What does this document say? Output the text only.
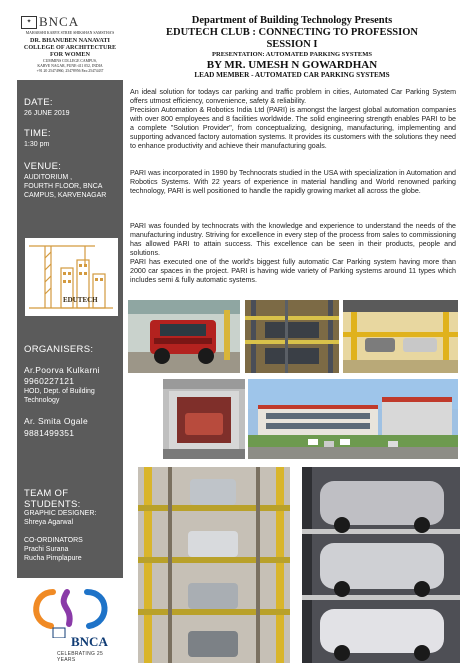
✦ BNCA
MAHARSHI KARVE STREE SHIKSHAN SAMSTHA'S
DR. BHANUBEN NANAVATI
COLLEGE OF ARCHITECTURE
FOR WOMEN
CUMMINS COLLEGE CAMPUS,
KARVE NAGAR, PUNE-411 052, INDIA
+91 20 25474960, 25478956 Fax:25474437
DATE:
26 JUNE 2019
TIME:
1:30 pm
VENUE:
AUDITORIUM ,
FOURTH FLOOR, BNCA
CAMPUS, KARVENAGAR
EDUTECH
ORGANISERS:
Ar.Poorva Kulkarni
9960227121
HOD, Dept. of Building
Technology
Ar. Smita Ogale
9881499351
TEAM OF STUDENTS:
GRAPHIC DESIGNER:
Shreya Agarwal
CO-ORDINATORS
Prachi Surana
Rucha Pimplapure
BNCA
CELEBRATING 25 YEARS
Department of Building Technology Presents
EDUTECH CLUB : CONNECTING TO PROFESSION
SESSION I
PRESENTATION: AUTOMATED PARKING SYSTEMS
BY MR. UMESH N GOWARDHAN
LEAD MEMBER - AUTOMATED CAR PARKING SYSTEMS
An ideal solution for todays car parking and traffic problem in cities, Automated Car Parking System offers utmost efficiency, convenience, safety & reliability.
Precision Automation & Robotics India Ltd (PARI) is amongst the largest global automation companies with over 800 employees and 8 facilities worldwide. The solid engineering strength enables PARI to be a complete "Solution Provider", from conceptualizing, designing, manufacturing, implementing and supporting advanced factory automation systems. It provides its customers with the solutions they need to enhance productivity and achieve their manufacturing goals.
PARI was incorporated in 1990 by Technocrats studied in the USA with specialization in Automation and Robotics Systems. With 22 years of experience in material handling and World renowned parking technology, PARI is well positioned to handle the rapidly growing market all across the globe.
PARI was founded by technocrats with the knowledge and experience to understand the needs of the manufacturing industry. Striving for excellence in every step of the process from sales to commissioning has allowed PARI to attain success. This excellence can be seen in their products, people and solutions.
PARI has executed one of the world's biggest fully automatic Car Parking system having more than 2000 car spaces in the project. PARI is having wide variety of Parking systems around 11 types which includes semi & fully automatic systems.
